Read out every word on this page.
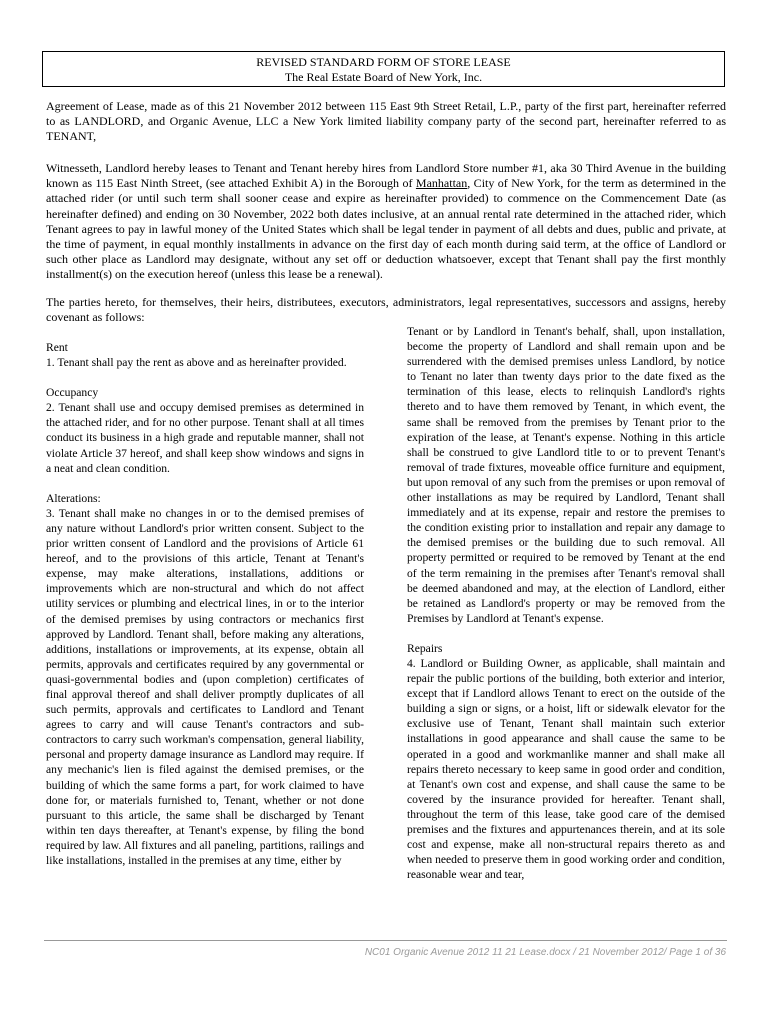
REVISED STANDARD FORM OF STORE LEASE
The Real Estate Board of New York, Inc.

Agreement of Lease, made as of this 21 November 2012 between 115 East 9th Street Retail, L.P., party of the first part, hereinafter referred to as LANDLORD, and Organic Avenue, LLC a New York limited liability company party of the second part, hereinafter referred to as TENANT,

Witnesseth, Landlord hereby leases to Tenant and Tenant hereby hires from Landlord Store number #1, aka 30 Third Avenue in the building known as 115 East Ninth Street, (see attached Exhibit A) in the Borough of Manhattan, City of New York, for the term as determined in the attached rider (or until such term shall sooner cease and expire as hereinafter provided) to commence on the Commencement Date (as hereinafter defined) and ending on 30 November, 2022 both dates inclusive, at an annual rental rate determined in the attached rider, which Tenant agrees to pay in lawful money of the United States which shall be legal tender in payment of all debts and dues, public and private, at the time of payment, in equal monthly installments in advance on the first day of each month during said term, at the office of Landlord or such other place as Landlord may designate, without any set off or deduction whatsoever, except that Tenant shall pay the first monthly installment(s) on the execution hereof (unless this lease be a renewal).

The parties hereto, for themselves, their heirs, distributees, executors, administrators, legal representatives, successors and assigns, hereby covenant as follows:

Rent

1. Tenant shall pay the rent as above and as hereinafter provided.

Occupancy

2. Tenant shall use and occupy demised premises as determined in the attached rider, and for no other purpose. Tenant shall at all times conduct its business in a high grade and reputable manner, shall not violate Article 37 hereof, and shall keep show windows and signs in a neat and clean condition.

Alterations:

3. Tenant shall make no changes in or to the demised premises of any nature without Landlord's prior written consent. Subject to the prior written consent of Landlord and the provisions of Article 61 hereof, and to the provisions of this article, Tenant at Tenant's expense, may make alterations, installations, additions or improvements which are non-structural and which do not affect utility services or plumbing and electrical lines, in or to the interior of the demised premises by using contractors or mechanics first approved by Landlord. Tenant shall, before making any alterations, additions, installations or improvements, at its expense, obtain all permits, approvals and certificates required by any governmental or quasi-governmental bodies and (upon completion) certificates of final approval thereof and shall deliver promptly duplicates of all such permits, approvals and certificates to Landlord and Tenant agrees to carry and will cause Tenant's contractors and sub-contractors to carry such workman's compensation, general liability, personal and property damage insurance as Landlord may require. If any mechanic's lien is filed against the demised premises, or the building of which the same forms a part, for work claimed to have done for, or materials furnished to, Tenant, whether or not done pursuant to this article, the same shall be discharged by Tenant within ten days thereafter, at Tenant's expense, by filing the bond required by law. All fixtures and all paneling, partitions, railings and like installations, installed in the premises at any time, either by

Tenant or by Landlord in Tenant's behalf, shall, upon installation, become the property of Landlord and shall remain upon and be surrendered with the demised premises unless Landlord, by notice to Tenant no later than twenty days prior to the date fixed as the termination of this lease, elects to relinquish Landlord's rights thereto and to have them removed by Tenant, in which event, the same shall be removed from the premises by Tenant prior to the expiration of the lease, at Tenant's expense. Nothing in this article shall be construed to give Landlord title to or to prevent Tenant's removal of trade fixtures, moveable office furniture and equipment, but upon removal of any such from the premises or upon removal of other installations as may be required by Landlord, Tenant shall immediately and at its expense, repair and restore the premises to the condition existing prior to installation and repair any damage to the demised premises or the building due to such removal. All property permitted or required to be removed by Tenant at the end of the term remaining in the premises after Tenant's removal shall be deemed abandoned and may, at the election of Landlord, either be retained as Landlord's property or may be removed from the Premises by Landlord at Tenant's expense.

Repairs

4. Landlord or Building Owner, as applicable, shall maintain and repair the public portions of the building, both exterior and interior, except that if Landlord allows Tenant to erect on the outside of the building a sign or signs, or a hoist, lift or sidewalk elevator for the exclusive use of Tenant, Tenant shall maintain such exterior installations in good appearance and shall cause the same to be operated in a good and workmanlike manner and shall make all repairs thereto necessary to keep same in good order and condition, at Tenant's own cost and expense, and shall cause the same to be covered by the insurance provided for hereafter. Tenant shall, throughout the term of this lease, take good care of the demised premises and the fixtures and appurtenances therein, and at its sole cost and expense, make all non-structural repairs thereto as and when needed to preserve them in good working order and condition, reasonable wear and tear,

NC01 Organic Avenue 2012 11 21 Lease.docx / 21 November 2012/ Page 1 of 36
